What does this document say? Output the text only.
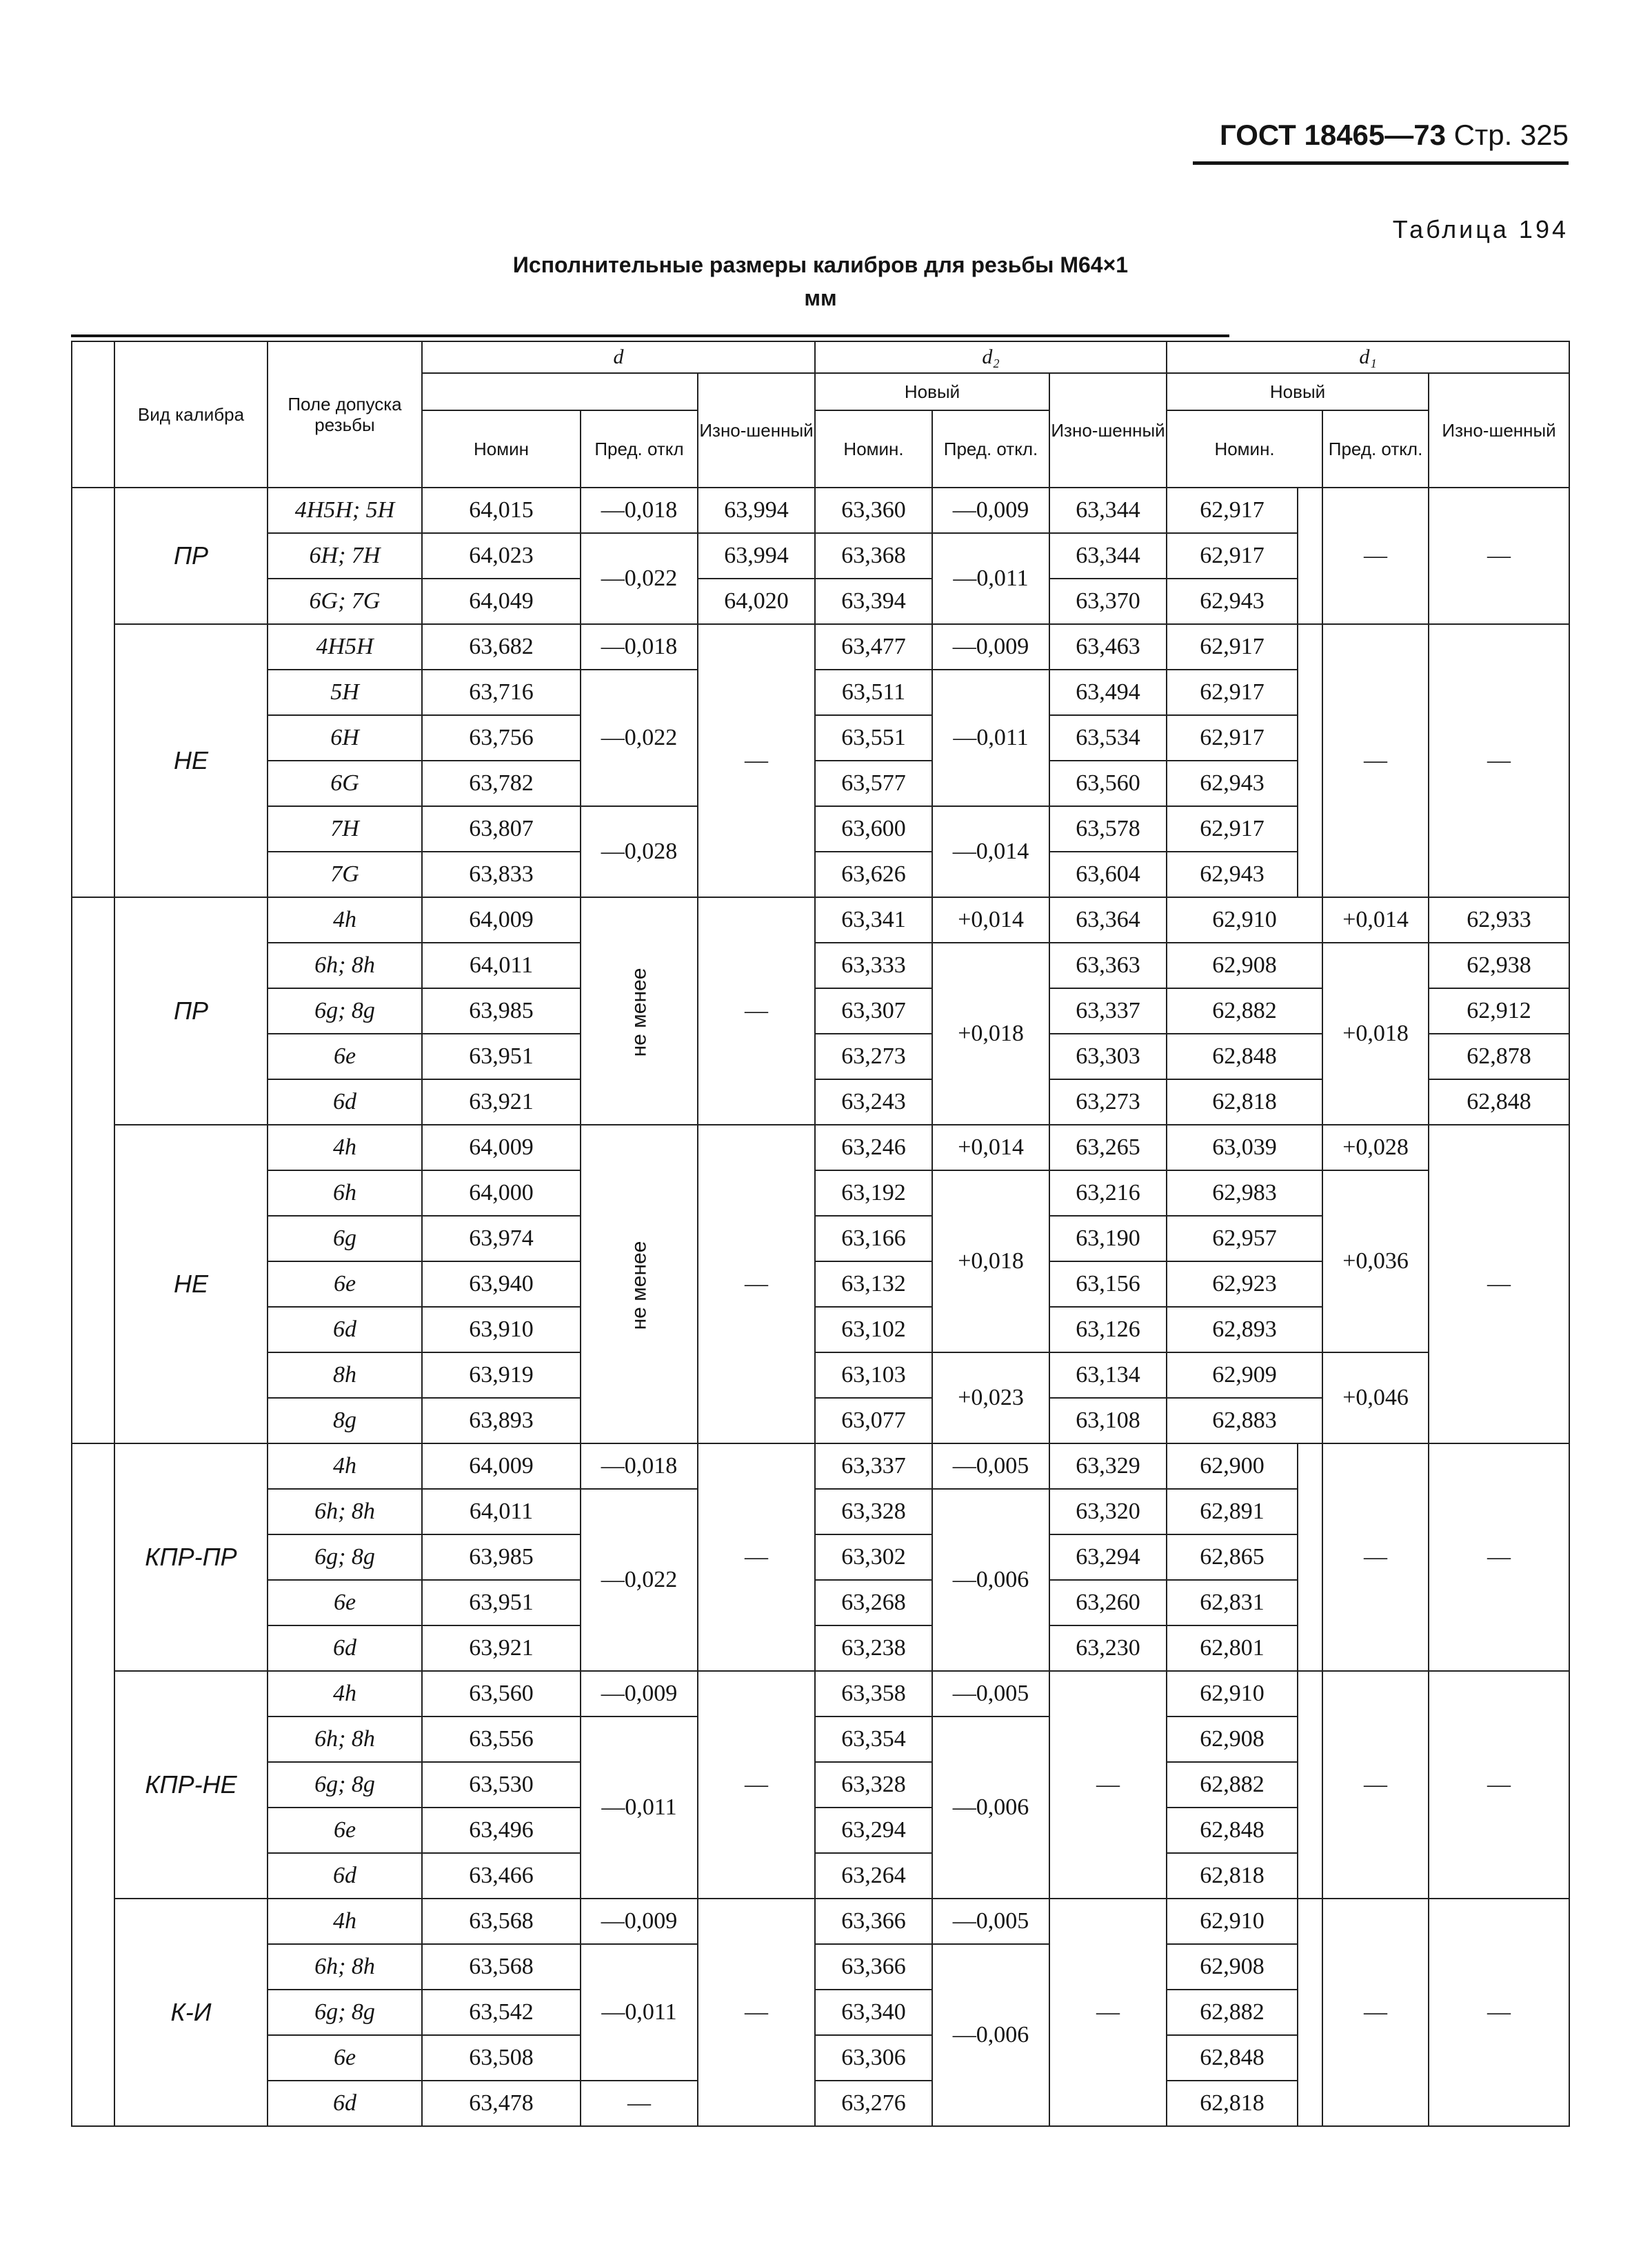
ГОСТ 18465—73 Стр. 325
Таблица 194
Исполнительные размеры калибров для резьбы М64×1
мм
	Вид калибра	Поле допуска резьбы	d			d₂			d₁			
					Изно-шенный	Новый		Изно-шенный	Новый			Изно-шенный
			Номин	Пред. откл		Номин.	Пред. откл.		Номин.		Пред. откл.	
	ПР	4Н5Н; 5Н	64,015	—0,018	63,994	63,360	—0,009	63,344	62,917		—	—
		6Н; 7Н	64,023	—0,022	63,994	63,368	—0,011	63,344	62,917			
		6G; 7G	64,049		64,020	63,394		63,370	62,943			
	НЕ	4Н5Н	63,682	—0,018	—	63,477	—0,009	63,463	62,917		—	—
		5Н	63,716	—0,022		63,511	—0,011	63,494	62,917			
		6Н	63,756			63,551		63,534	62,917			
		6G	63,782			63,577		63,560	62,943			
		7Н	63,807	—0,028		63,600	—0,014	63,578	62,917			
		7G	63,833			63,626		63,604	62,943			
	ПР	4h	64,009	не менее	—	63,341	+0,014	63,364	62,910		+0,014	62,933
		6h; 8h	64,011			63,333	+0,018	63,363	62,908		+0,018	62,938
		6g; 8g	63,985			63,307		63,337	62,882			62,912
		6e	63,951			63,273		63,303	62,848			62,878
		6d	63,921			63,243		63,273	62,818			62,848
	НЕ	4h	64,009	не менее	—	63,246	+0,014	63,265	63,039		+0,028	—
		6h	64,000			63,192	+0,018	63,216	62,983		+0,036	
		6g	63,974			63,166		63,190	62,957			
		6e	63,940			63,132		63,156	62,923			
		6d	63,910			63,102		63,126	62,893			
		8h	63,919			63,103	+0,023	63,134	62,909		+0,046	
		8g	63,893			63,077		63,108	62,883			
	КПР-ПР	4h	64,009	—0,018	—	63,337	—0,005	63,329	62,900		—	—
		6h; 8h	64,011	—0,022		63,328	—0,006	63,320	62,891			
		6g; 8g	63,985			63,302		63,294	62,865			
		6e	63,951			63,268		63,260	62,831			
		6d	63,921			63,238		63,230	62,801			
	КПР-НЕ	4h	63,560	—0,009	—	63,358	—0,005	—	62,910		—	—
		6h; 8h	63,556	—0,011		63,354	—0,006		62,908			
		6g; 8g	63,530			63,328			62,882			
		6e	63,496			63,294			62,848			
		6d	63,466			63,264			62,818			
	К-И	4h	63,568	—0,009	—	63,366	—0,005	—	62,910		—	—
		6h; 8h	63,568	—0,011		63,366	—0,006		62,908			
		6g; 8g	63,542			63,340			62,882			
		6e	63,508			63,306			62,848			
		6d	63,478	—		63,276			62,818			
